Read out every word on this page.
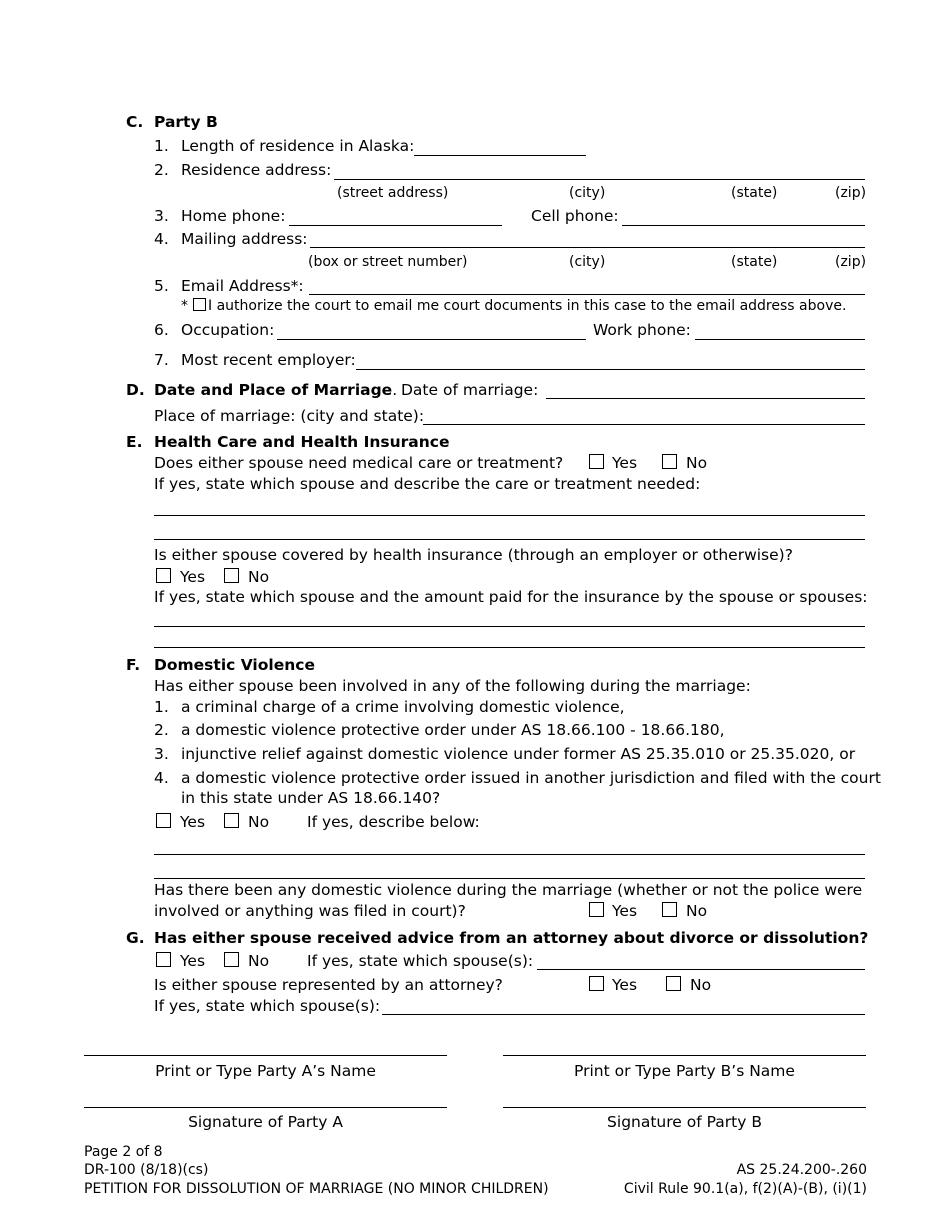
C. Party B
1. Length of residence in Alaska:
2. Residence address:
(street address)	(city)	(state)	(zip)
3. Home phone:	Cell phone:
4. Mailing address:
(box or street number)	(city)	(state)	(zip)
5. Email Address*:
* I authorize the court to email me court documents in this case to the email address above.
6. Occupation:	Work phone:
7. Most recent employer:
D. Date and Place of Marriage. Date of marriage:
Place of marriage: (city and state):
E. Health Care and Health Insurance
Does either spouse need medical care or treatment?	Yes	No
If yes, state which spouse and describe the care or treatment needed:
Is either spouse covered by health insurance (through an employer or otherwise)?
Yes	No
If yes, state which spouse and the amount paid for the insurance by the spouse or spouses:
F. Domestic Violence
Has either spouse been involved in any of the following during the marriage:
1. a criminal charge of a crime involving domestic violence,
2. a domestic violence protective order under AS 18.66.100 - 18.66.180,
3. injunctive relief against domestic violence under former AS 25.35.010 or 25.35.020, or
4. a domestic violence protective order issued in another jurisdiction and filed with the court
in this state under AS 18.66.140?
Yes	No If yes, describe below:
Has there been any domestic violence during the marriage (whether or not the police were
involved or anything was filed in court)?	Yes	No
G. Has either spouse received advice from an attorney about divorce or dissolution?
Yes	No If yes, state which spouse(s):
Is either spouse represented by an attorney?	Yes	No
If yes, state which spouse(s):
Print or Type Party A’s Name	Print or Type Party B’s Name
Signature of Party A	Signature of Party B
Page 2 of 8
DR-100 (8/18)(cs)
PETITION FOR DISSOLUTION OF MARRIAGE (NO MINOR CHILDREN)
AS 25.24.200-.260
Civil Rule 90.1(a), f(2)(A)-(B), (i)(1)
